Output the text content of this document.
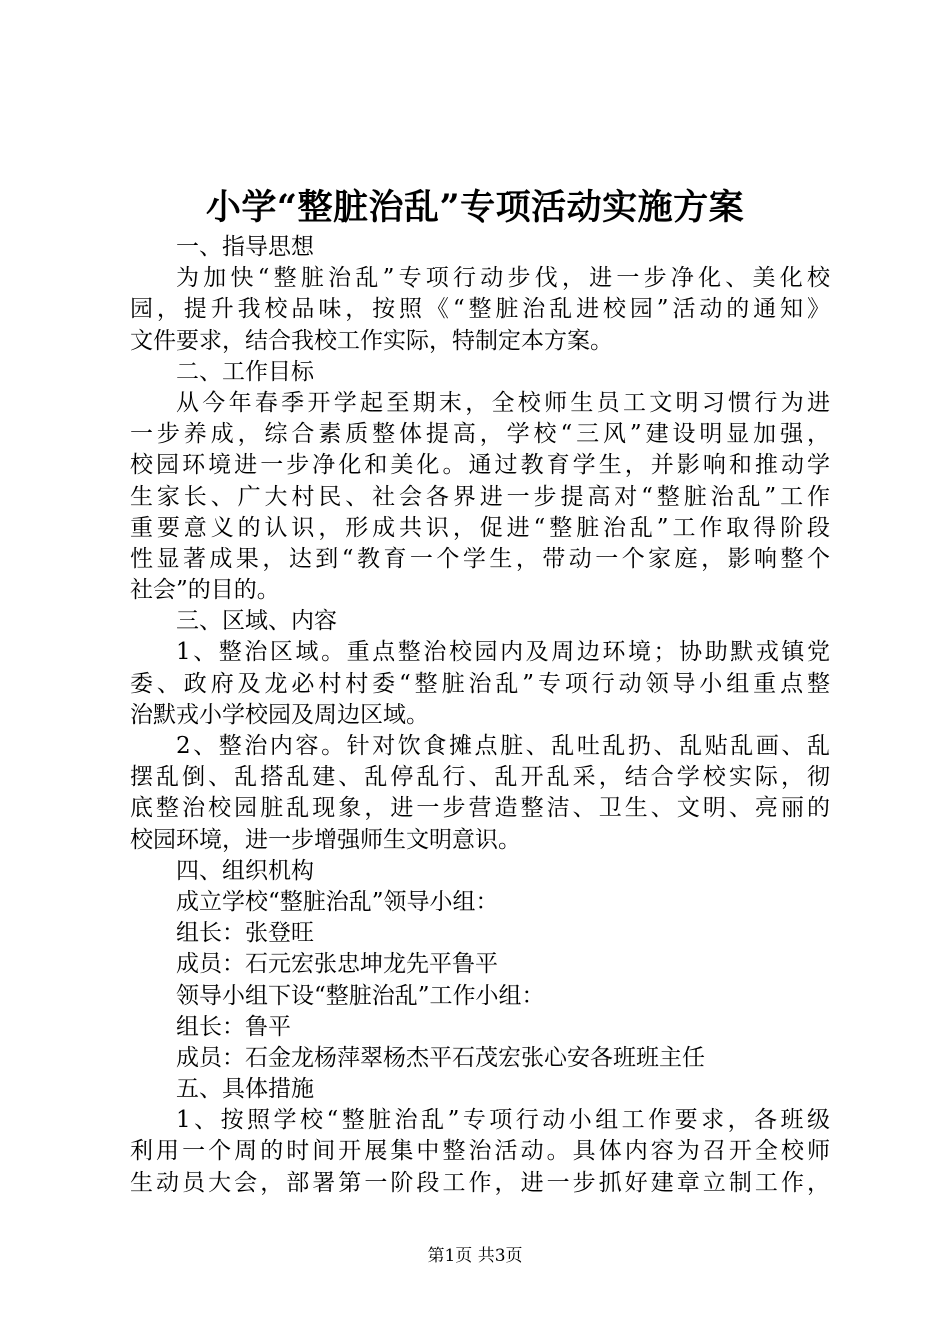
小学“整脏治乱”专项活动实施方案
一、指导思想
为加快“整脏治乱”专项行动步伐，进一步净化、美化校
园，提升我校品味，按照《“整脏治乱进校园”活动的通知》
文件要求，结合我校工作实际，特制定本方案。
二、工作目标
从今年春季开学起至期末，全校师生员工文明习惯行为进
一步养成，综合素质整体提高，学校“三风”建设明显加强，
校园环境进一步净化和美化。通过教育学生，并影响和推动学
生家长、广大村民、社会各界进一步提高对“整脏治乱”工作
重要意义的认识，形成共识，促进“整脏治乱”工作取得阶段
性显著成果，达到“教育一个学生，带动一个家庭，影响整个
社会”的目的。
三、区域、内容
1、整治区域。重点整治校园内及周边环境；协助默戎镇党
委、政府及龙必村村委“整脏治乱”专项行动领导小组重点整
治默戎小学校园及周边区域。
2、整治内容。针对饮食摊点脏、乱吐乱扔、乱贴乱画、乱
摆乱倒、乱搭乱建、乱停乱行、乱开乱采，结合学校实际，彻
底整治校园脏乱现象，进一步营造整洁、卫生、文明、亮丽的
校园环境，进一步增强师生文明意识。
四、组织机构
成立学校“整脏治乱”领导小组：
组长：张登旺
成员：石元宏张忠坤龙先平鲁平
领导小组下设“整脏治乱”工作小组：
组长：鲁平
成员：石金龙杨萍翠杨杰平石茂宏张心安各班班主任
五、具体措施
1、按照学校“整脏治乱”专项行动小组工作要求，各班级
利用一个周的时间开展集中整治活动。具体内容为召开全校师
生动员大会，部署第一阶段工作，进一步抓好建章立制工作，
第1页 共3页
